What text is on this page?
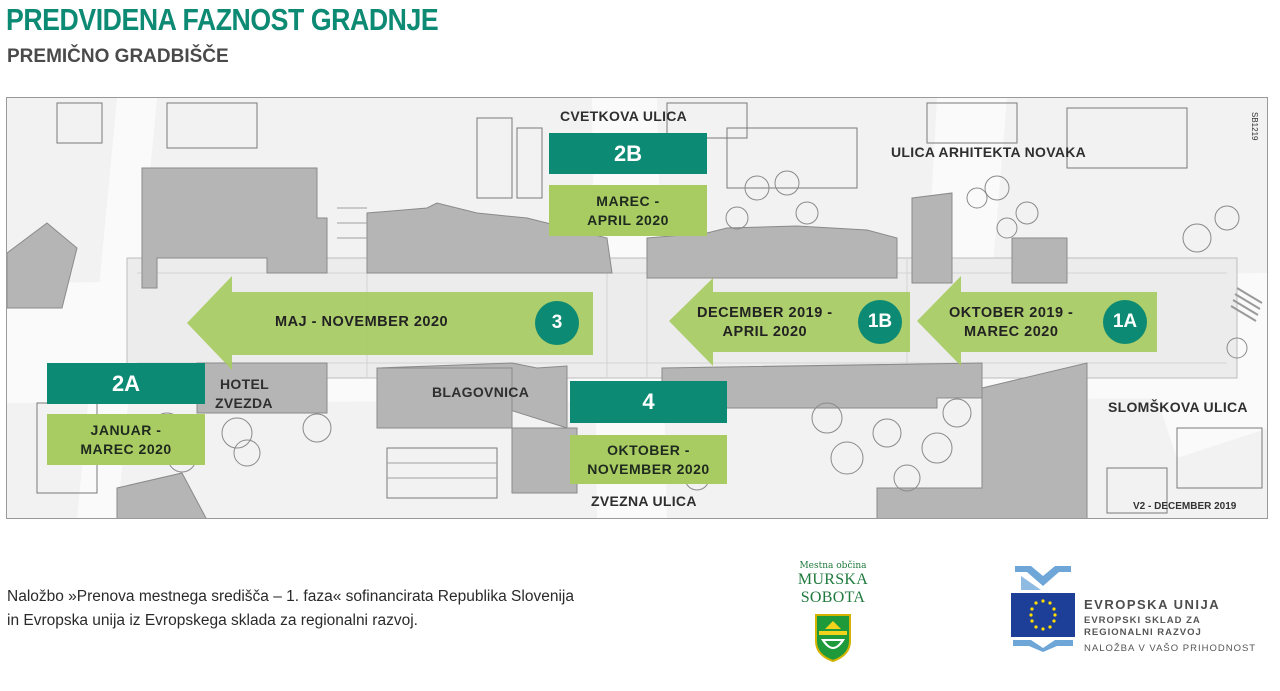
PREDVIDENA FAZNOST GRADNJE
PREMIČNO GRADBIŠČE
CVETKOVA ULICA
ULICA ARHITEKTA NOVAKA
SLOMŠKOVA ULICA
ZVEZNA ULICA
HOTEL
ZVEZDA
BLAGOVNICA
V2 - DECEMBER 2019
SB1219
2B
MAREC -
APRIL 2020
2A
JANUAR -
MAREC 2020
4
OKTOBER -
NOVEMBER 2020
MAJ - NOVEMBER 2020	3	DECEMBER 2019 -
APRIL 2020	1B	OKTOBER 2019 -
MAREC 2020	1A
Naložbo »Prenova mestnega središča – 1. faza« sofinancirata Republika Slovenija
in Evropska unija iz Evropskega sklada za regionalni razvoj.
Mestna občina
MURSKA SOBOTA	EVROPSKA UNIJA
EVROPSKI SKLAD ZA
REGIONALNI RAZVOJ
NALOŽBA V VAŠO PRIHODNOST
